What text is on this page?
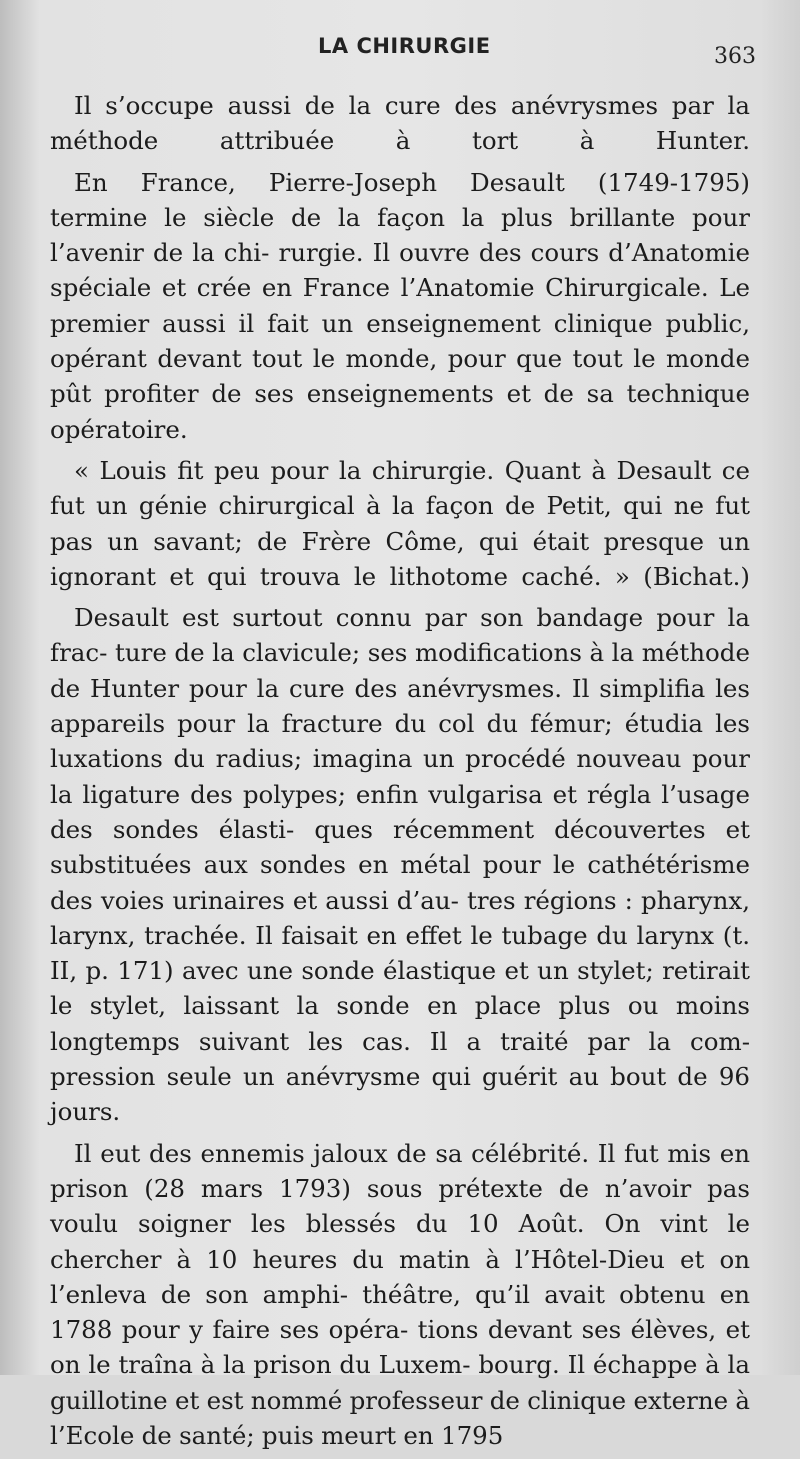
LA CHIRURGIE	363

Il s’occupe aussi de la cure des anévrysmes par la méthode	attribuée à tort à Hunter.

En France, Pierre-Joseph Desault (1749-1795) termine le siècle de la façon la plus brillante pour l’avenir de la chi- rurgie. Il ouvre des cours d’Anatomie spéciale et crée en France l’Anatomie Chirurgicale. Le premier aussi il fait un enseignement clinique public, opérant devant tout le monde, pour que tout le monde pût profiter de ses enseignements et de sa technique opératoire.

« Louis fit peu pour la chirurgie. Quant à Desault ce fut un génie chirurgical à la façon de Petit, qui ne fut pas un savant; de Frère Côme, qui était presque un ignorant et qui trouva le lithotome caché. » (Bichat.)

Desault est surtout connu par son bandage pour la frac- ture de la clavicule; ses modifications à la méthode de Hunter pour la cure des anévrysmes. Il simplifia les appareils pour la fracture du col du fémur; étudia les luxations du radius; imagina un procédé nouveau pour la ligature des polypes; enfin vulgarisa et régla l’usage des sondes élasti- ques récemment découvertes et substituées aux sondes en métal pour le cathétérisme des voies urinaires et aussi d’au- tres régions : pharynx, larynx, trachée. Il faisait en effet le tubage du larynx (t. II, p. 171) avec une sonde élastique et un stylet; retirait le stylet, laissant la sonde en place plus ou moins longtemps suivant les cas. Il a traité par la com- pression seule un anévrysme qui guérit au bout de 96 jours.

Il eut des ennemis jaloux de sa célébrité. Il fut mis en prison (28 mars 1793) sous prétexte de n’avoir pas voulu soigner les blessés du 10 Août. On vint le chercher à 10 heures du matin à l’Hôtel-Dieu et on l’enleva de son amphi- théâtre, qu’il avait obtenu en 1788 pour y faire ses opéra- tions devant ses élèves, et on le traîna à la prison du Luxem- bourg. Il échappe à la guillotine et est nommé professeur de clinique externe à l’Ecole de santé; puis meurt en 1795
